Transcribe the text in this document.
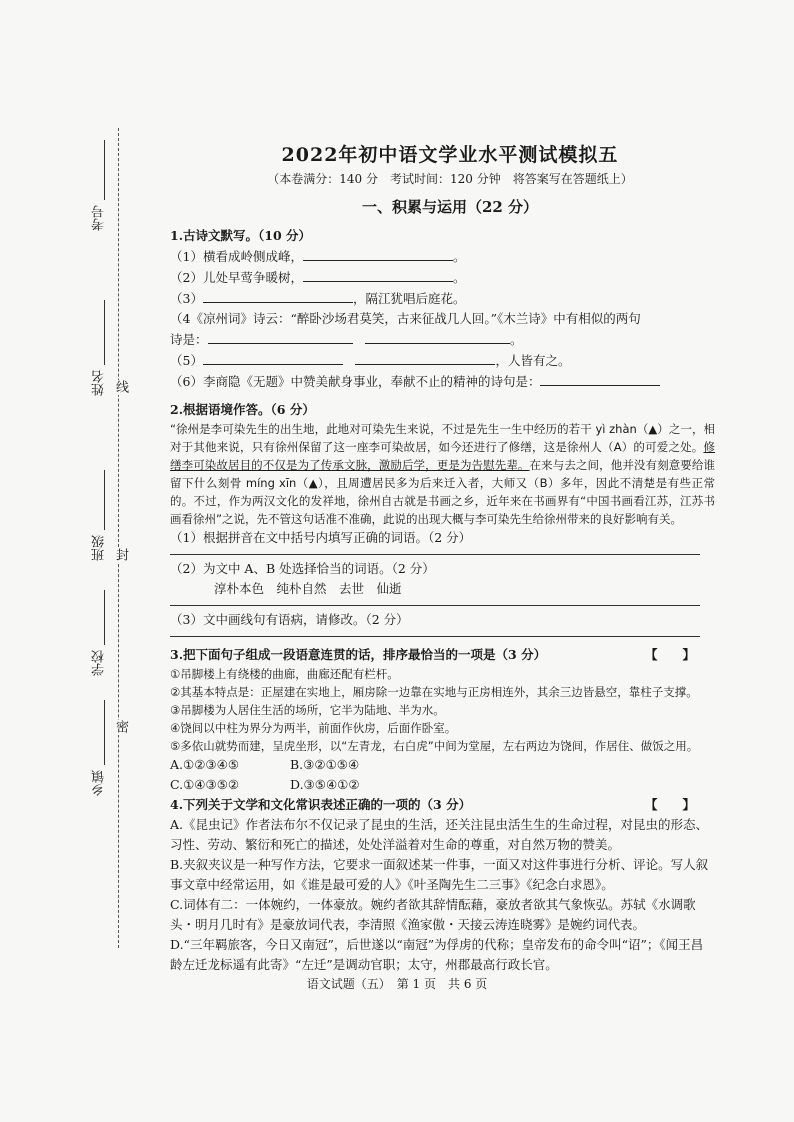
线
封
密
考号
姓名
班级
学校
乡镇
2022年初中语文学业水平测试模拟五
（本卷满分：140 分　考试时间：120 分钟　将答案写在答题纸上）
一、积累与运用（22 分）

1.古诗文默写。（10 分）

（1）横看成岭侧成峰，	。

（2）儿处早莺争暖树，	。

（3）	，隔江犹唱后庭花。

（4《凉州词》诗云：“醉卧沙场君莫笑，古来征战几人回。”《木兰诗》中有相似的两句

诗是：　	。

（5）　	，人皆有之。

（6）李商隐《无题》中赞美献身事业，奉献不止的精神的诗句是：

2.根据语境作答。（6 分）

“徐州是李可染先生的出生地，此地对可染先生来说，不过是先生一生中经历的若干 yì zhàn（▲）之一，相对于其他来说，只有徐州保留了这一座李可染故居，如今还进行了修缮，这是徐州人（A）的可爱之处。修缮李可染故居目的不仅是为了传承文脉，激励后学，更是为告慰先辈。在来与去之间，他并没有刻意要给谁留下什么刻骨 míng xīn（▲），且周遭居民多为后来迁入者，大师又（B）多年，因此不清楚是有些正常的。不过，作为两汉文化的发祥地，徐州自古就是书画之乡，近年来在书画界有“中国书画看江苏，江苏书画看徐州”之说，先不管这句话准不准确，此说的出现大概与李可染先生给徐州带来的良好影响有关。

（1）根据拼音在文中括号内填写正确的词语。（2 分）

（2）为文中 A、B 处选择恰当的词语。（2 分）

淳朴本色　纯朴自然　去世　仙逝

（3）文中画线句有语病，请修改。（2 分）

3.把下面句子组成一段语意连贯的话，排序最恰当的一项是（3 分）	【　　】

①吊脚楼上有绕楼的曲廊，曲廊还配有栏杆。

②其基本特点是：正屋建在实地上，厢房除一边靠在实地与正房相连外，其余三边皆悬空，靠柱子支撑。

③吊脚楼为人居住生活的场所，它半为陆地、半为水。

④饶间以中柱为界分为两半，前面作伙房，后面作卧室。

⑤多依山就势而建，呈虎坐形，以“左青龙，右白虎”中间为堂屋，左右两边为饶间，作居住、做饭之用。

A.①②③④⑤	B.③②①⑤④

C.①④③⑤②	D.③⑤④①②

4.下列关于文学和文化常识表述正确的一项的（3 分）	【　　】

A.《昆虫记》作者法布尔不仅记录了昆虫的生活，还关注昆虫活生生的生命过程，对昆虫的形态、习性、劳动、繁衍和死亡的描述，处处洋溢着对生命的尊重，对自然万物的赞美。

B.夹叙夹议是一种写作方法，它要求一面叙述某一件事，一面又对这件事进行分析、评论。写人叙事文章中经常运用，如《谁是最可爱的人》《叶圣陶先生二三事》《纪念白求恩》。

C.词体有二：一体婉约，一体豪放。婉约者欲其辞情酝藉，豪放者欲其气象恢弘。苏轼《水调歌头・明月几时有》是豪放词代表，李清照《渔家傲・天接云涛连晓雾》是婉约词代表。

D.“三年羁旅客，今日又南冠”，后世遂以“南冠”为俘虏的代称；皇帝发布的命令叫“诏”；《闻王昌龄左迁龙标遥有此寄》“左迁”是调动官职；太守，州郡最高行政长官。

语文试题（五）　第 1 页　共 6 页
